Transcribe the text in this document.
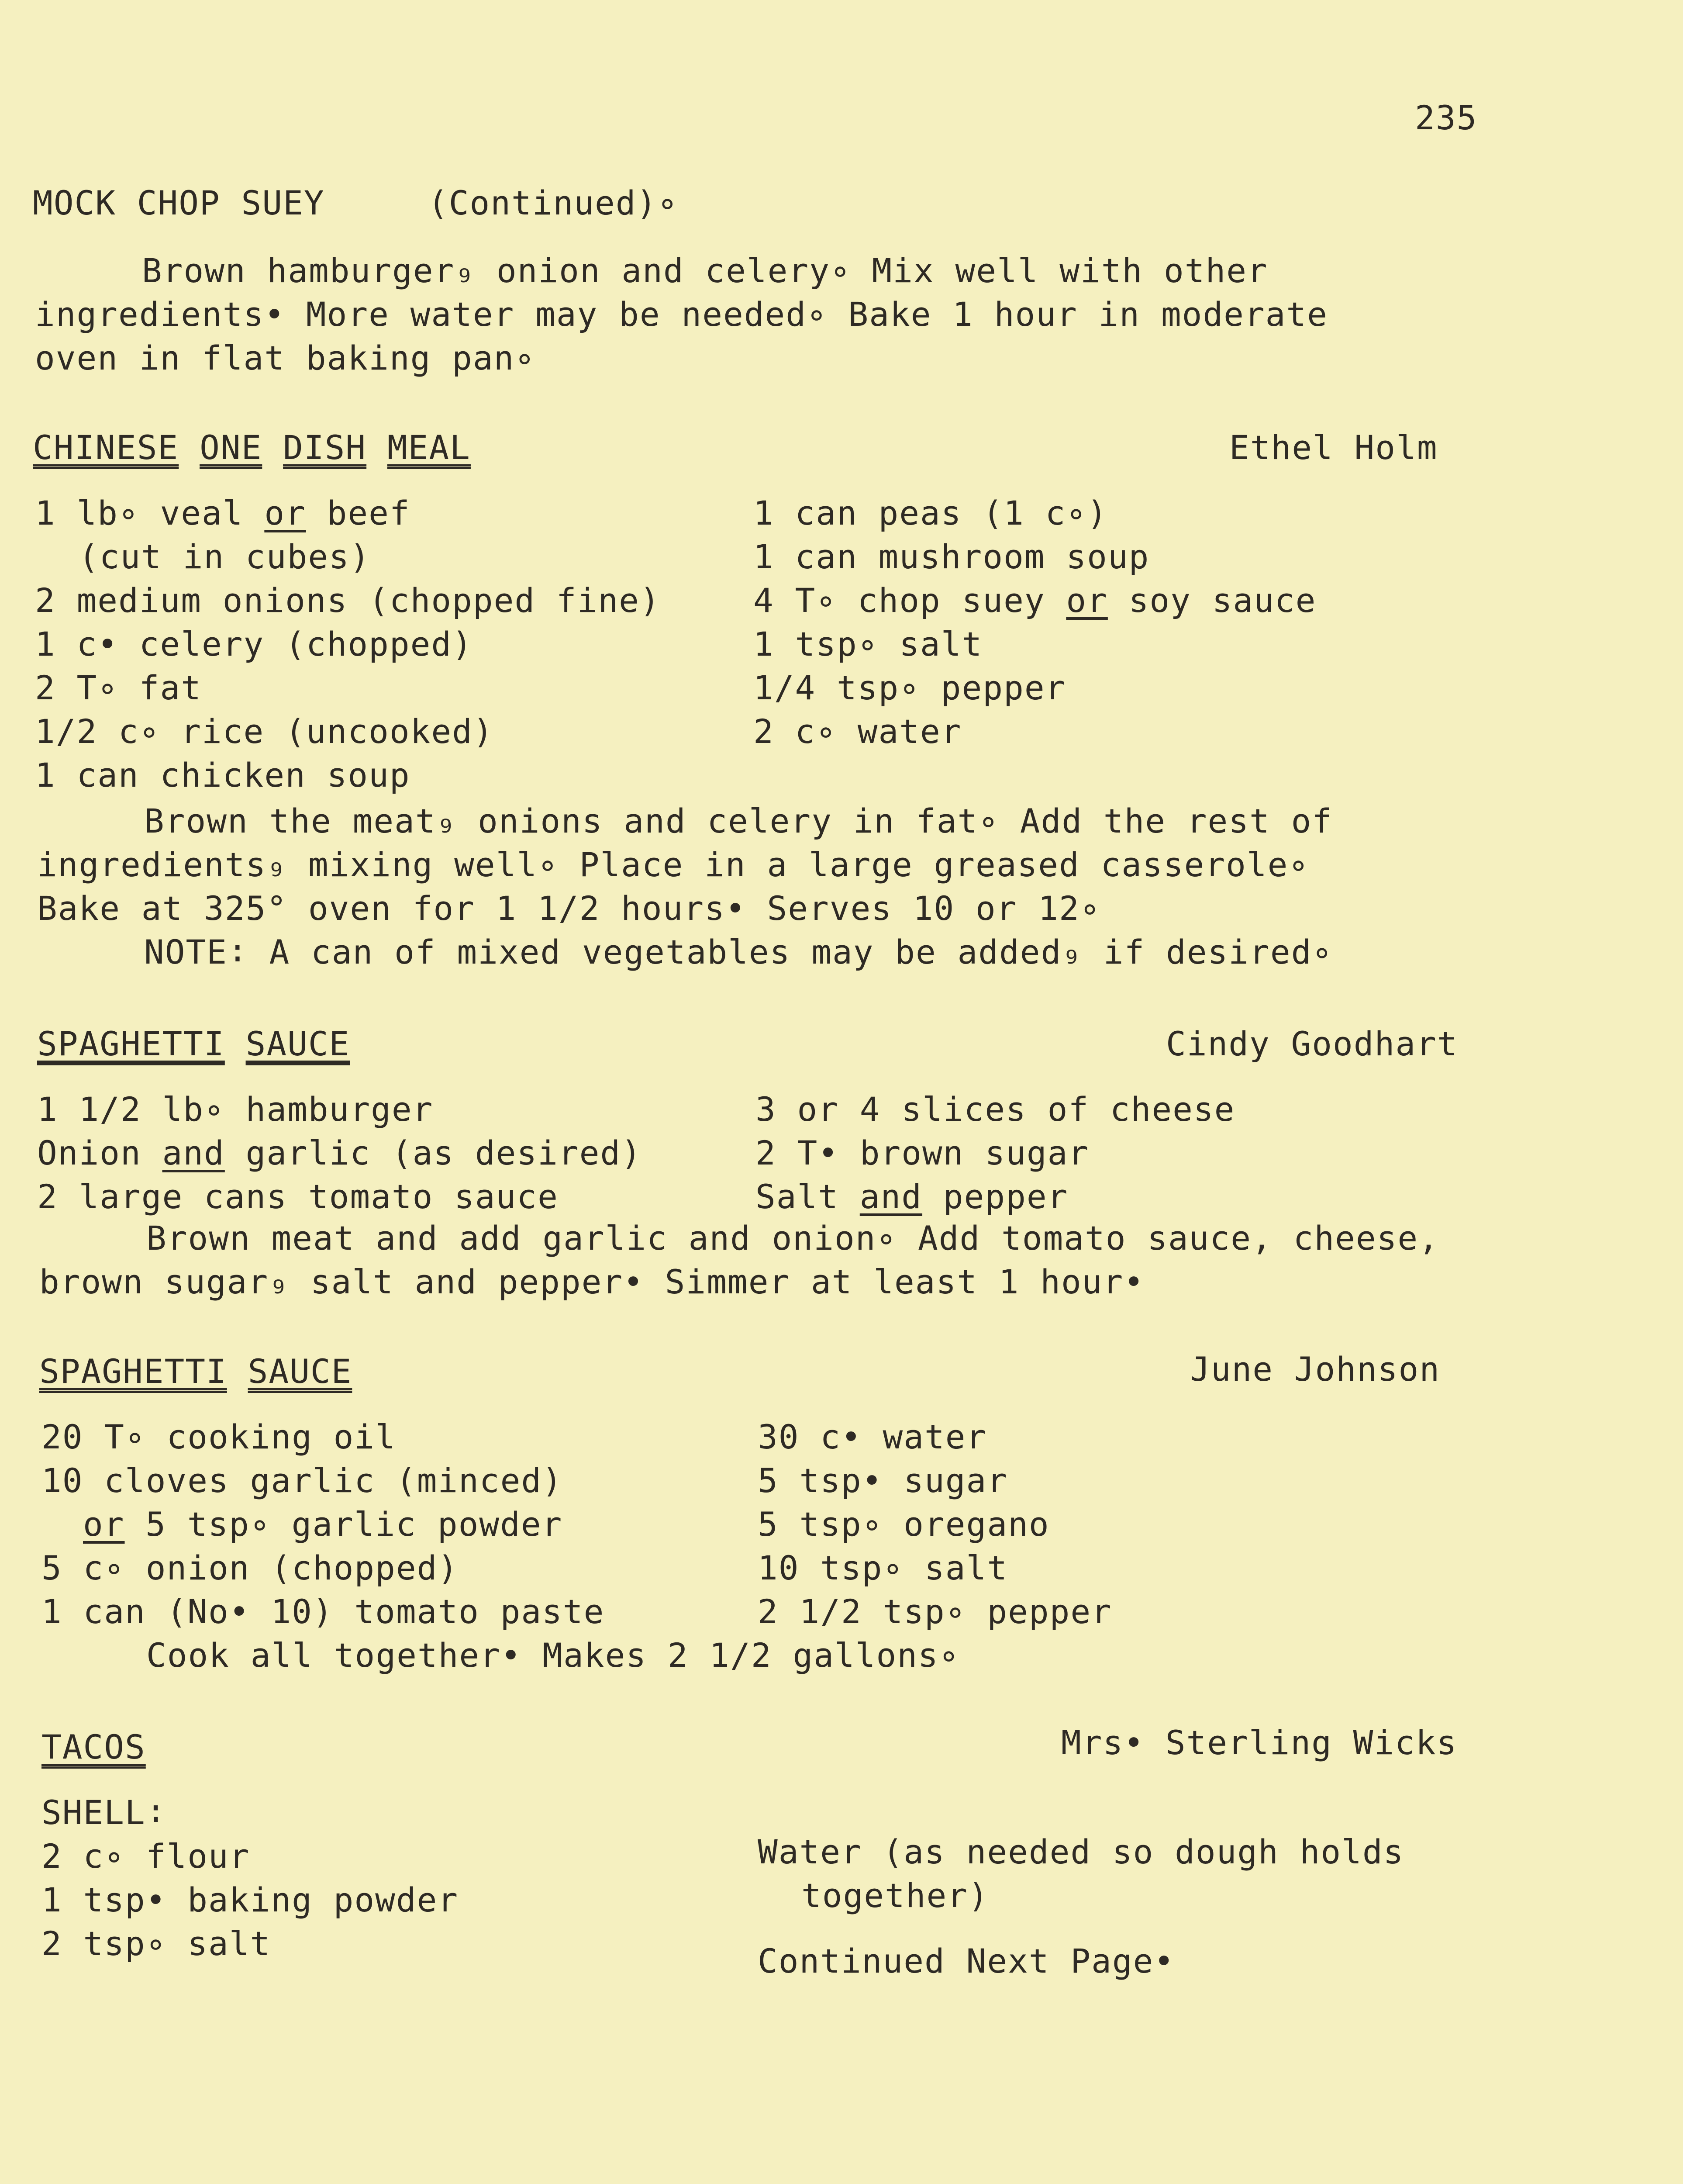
235

MOCK CHOP SUEY	(Continued)∘

Brown hamburger₉ onion and celery∘ Mix well with other

ingredients• More water may be needed∘ Bake 1 hour in moderate

oven in flat baking pan∘

CHINESE ONE DISH MEAL	Ethel Holm

1 lb∘ veal or beef

(cut in cubes)

2 medium onions (chopped fine)

1 c• celery (chopped)

2 T∘ fat

1/2 c∘ rice (uncooked)

1 can chicken soup

1 can peas (1 c∘)

1 can mushroom soup

4 T∘ chop suey or soy sauce

1 tsp∘ salt

1/4 tsp∘ pepper

2 c∘ water

Brown the meat₉ onions and celery in fat∘ Add the rest of

ingredients₉ mixing well∘ Place in a large greased casserole∘

Bake at 325° oven for 1 1/2 hours• Serves 10 or 12∘

NOTE∶ A can of mixed vegetables may be added₉ if desired∘

SPAGHETTI SAUCE	Cindy Goodhart

1 1/2 lb∘ hamburger

Onion and garlic (as desired)

2 large cans tomato sauce

3 or 4 slices of cheese

2 T• brown sugar

Salt and pepper

Brown meat and add garlic and onion∘ Add tomato sauce, cheese,

brown sugar₉ salt and pepper• Simmer at least 1 hour•

SPAGHETTI SAUCE	June Johnson

20 T∘ cooking oil

10 cloves garlic (minced)

or 5 tsp∘ garlic powder

5 c∘ onion (chopped)

1 can (No• 10) tomato paste

30 c• water

5 tsp• sugar

5 tsp∘ oregano

10 tsp∘ salt

2 1/2 tsp∘ pepper

Cook all together• Makes 2 1/2 gallons∘

TACOS	Mrs• Sterling Wicks

SHELL∶

2 c∘ flour

1 tsp• baking powder

2 tsp∘ salt

Water (as needed so dough holds

together)

Continued Next Page•
